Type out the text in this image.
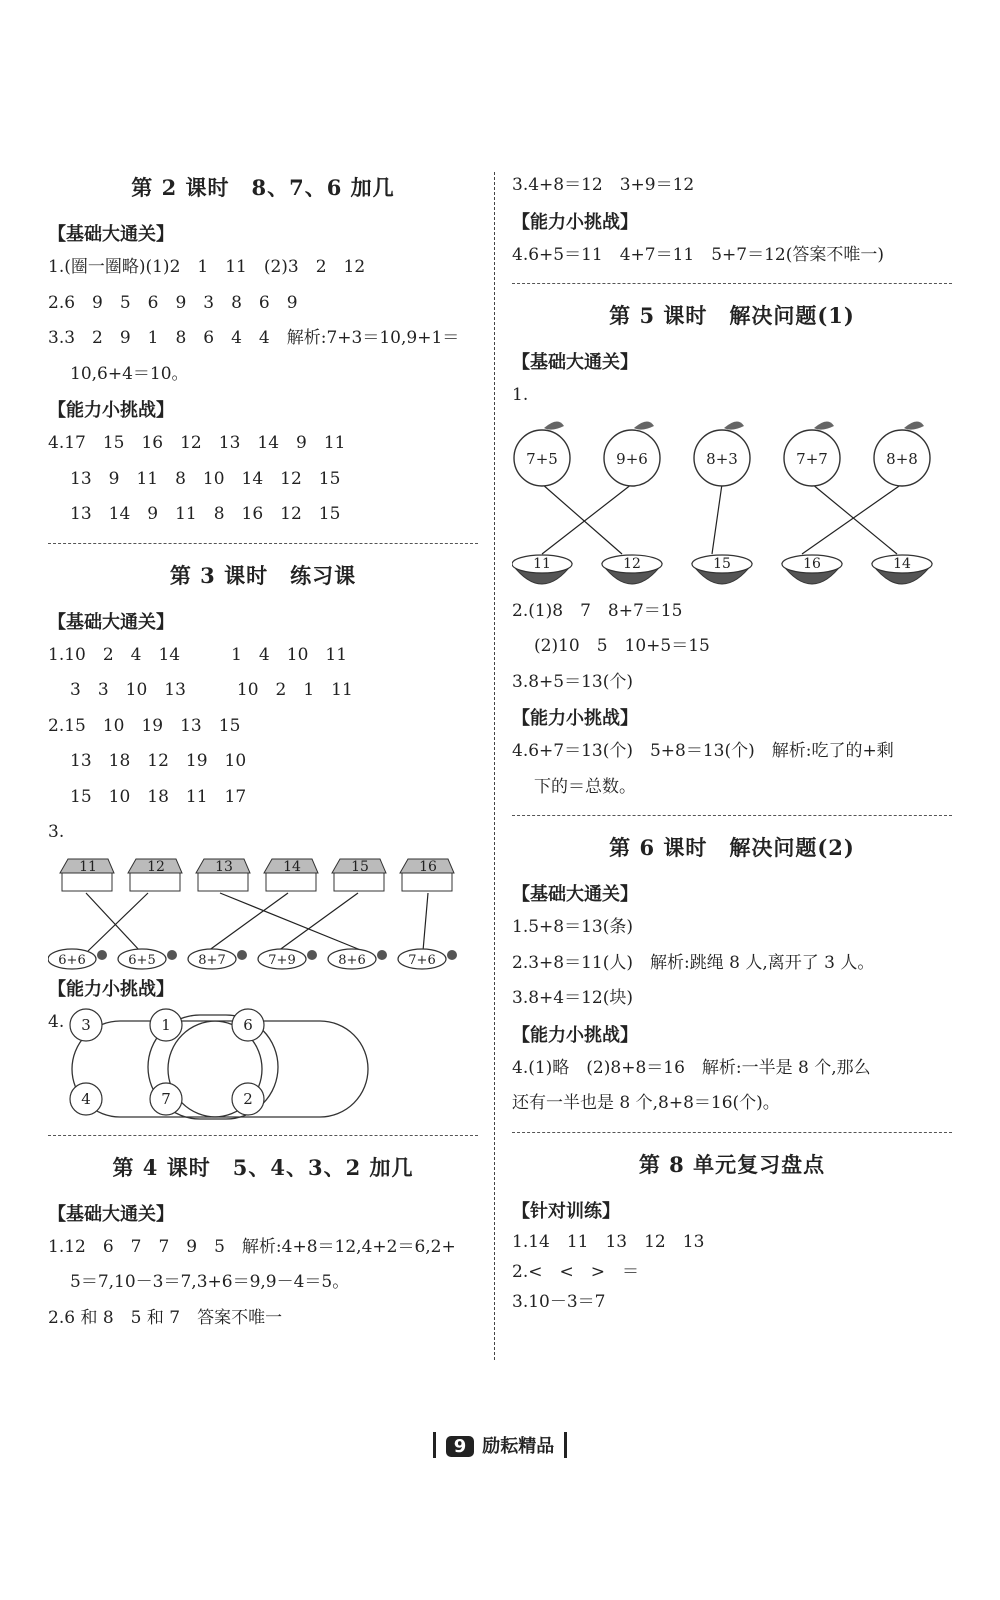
第 2 课时　8、7、6 加几
【基础大通关】
1.(圈一圈略)(1)2　1　11　(2)3　2　12
2.6　9　5　6　9　3　8　6　9
3.3　2　9　1　8　6　4　4　解析:7+3＝10,9+1＝
10,6+4＝10。
【能力小挑战】
4.17　15　16　12　13　14　9　11
13　9　11　8　10　14　12　15
13　14　9　11　8　16　12　15
第 3 课时　练习课
【基础大通关】
1.10　2　4　14　　　1　4　10　11
3　3　10　13　　　10　2　1　11
2.15　10　19　13　15
13　18　12　19　10
15　10　18　11　17
3.
11	12	13	14	15	16
6+6	6+5	8+7	7+9	8+6	7+6
【能力小挑战】
4. 3	1	6
4	7	2
第 4 课时　5、4、3、2 加几
【基础大通关】
1.12　6　7　7　9　5　解析:4+8＝12,4+2＝6,2+
5＝7,10－3＝7,3+6＝9,9－4＝5。
2.6 和 8　5 和 7　答案不唯一
3.4+8＝12　3+9＝12
【能力小挑战】
4.6+5＝11　4+7＝11　5+7＝12(答案不唯一)
第 5 课时　解决问题(1)
【基础大通关】
1.
7+5	9+6	8+3	7+7	8+8
11	12	15	16	14
2.(1)8　7　8+7＝15
(2)10　5　10+5＝15
3.8+5＝13(个)
【能力小挑战】
4.6+7＝13(个)　5+8＝13(个)　解析:吃了的+剩
下的＝总数。
第 6 课时　解决问题(2)
【基础大通关】
1.5+8＝13(条)
2.3+8＝11(人)　解析:跳绳 8 人,离开了 3 人。
3.8+4＝12(块)
【能力小挑战】
4.(1)略　(2)8+8＝16　解析:一半是 8 个,那么
还有一半也是 8 个,8+8＝16(个)。
第 8 单元复习盘点
【针对训练】
1.14　11　13　12　13
2.<　<　>　＝
3.10－3＝7
9 励耘精品
